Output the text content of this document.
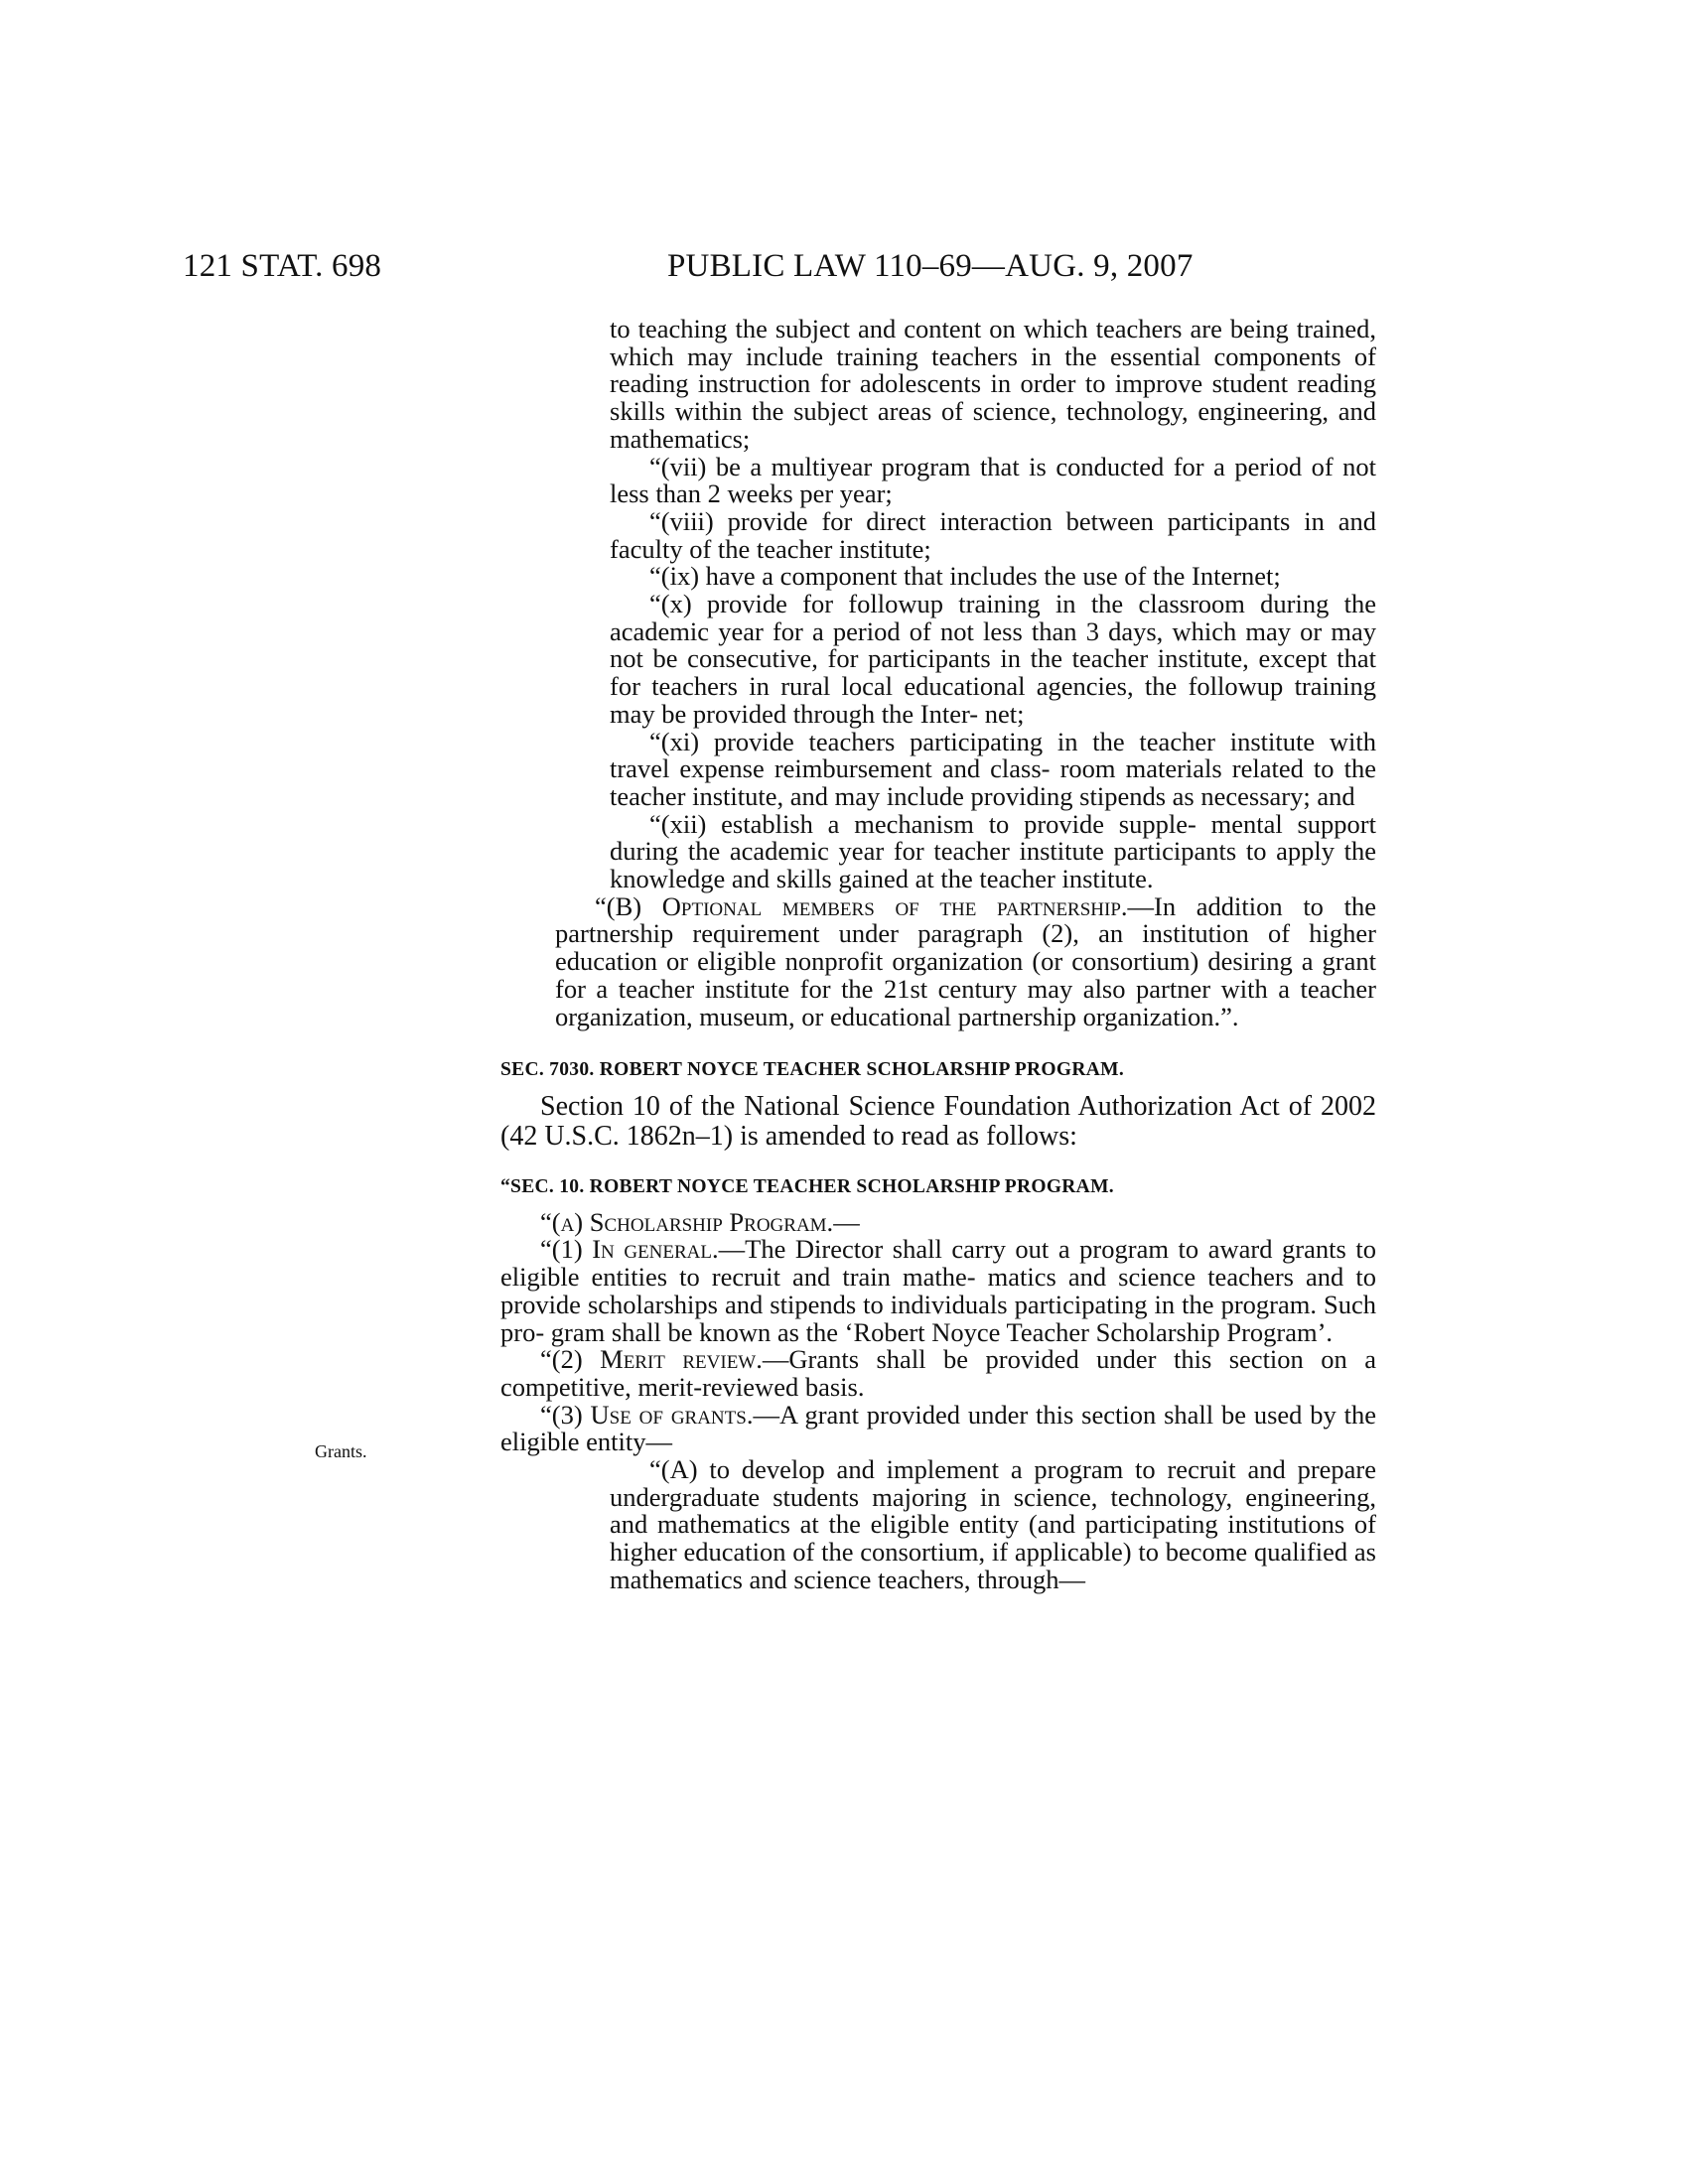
121 STAT. 698	PUBLIC LAW 110–69—AUG. 9, 2007
Grants.

to teaching the subject and content on which teachers are being trained, which may include training teachers in the essential components of reading instruction for adolescents in order to improve student reading skills within the subject areas of science, technology, engineering, and mathematics;

“(vii) be a multiyear program that is conducted for a period of not less than 2 weeks per year;

“(viii) provide for direct interaction between participants in and faculty of the teacher institute;

“(ix) have a component that includes the use of the Internet;

“(x) provide for followup training in the classroom during the academic year for a period of not less than 3 days, which may or may not be consecutive, for participants in the teacher institute, except that for teachers in rural local educational agencies, the followup training may be provided through the Inter- net;

“(xi) provide teachers participating in the teacher institute with travel expense reimbursement and class- room materials related to the teacher institute, and may include providing stipends as necessary; and

“(xii) establish a mechanism to provide supple- mental support during the academic year for teacher institute participants to apply the knowledge and skills gained at the teacher institute.

“(B) Optional members of the partnership.—In addition to the partnership requirement under paragraph (2), an institution of higher education or eligible nonprofit organization (or consortium) desiring a grant for a teacher institute for the 21st century may also partner with a teacher organization, museum, or educational partnership organization.”.

SEC. 7030. ROBERT NOYCE TEACHER SCHOLARSHIP PROGRAM.

Section 10 of the National Science Foundation Authorization Act of 2002 (42 U.S.C. 1862n–1) is amended to read as follows:

“SEC. 10. ROBERT NOYCE TEACHER SCHOLARSHIP PROGRAM.

“(a) Scholarship Program.—

“(1) In general.—The Director shall carry out a program to award grants to eligible entities to recruit and train mathe- matics and science teachers and to provide scholarships and stipends to individuals participating in the program. Such pro- gram shall be known as the ‘Robert Noyce Teacher Scholarship Program’.

“(2) Merit review.—Grants shall be provided under this section on a competitive, merit-reviewed basis.

“(3) Use of grants.—A grant provided under this section shall be used by the eligible entity—

“(A) to develop and implement a program to recruit and prepare undergraduate students majoring in science, technology, engineering, and mathematics at the eligible entity (and participating institutions of higher education of the consortium, if applicable) to become qualified as mathematics and science teachers, through—
